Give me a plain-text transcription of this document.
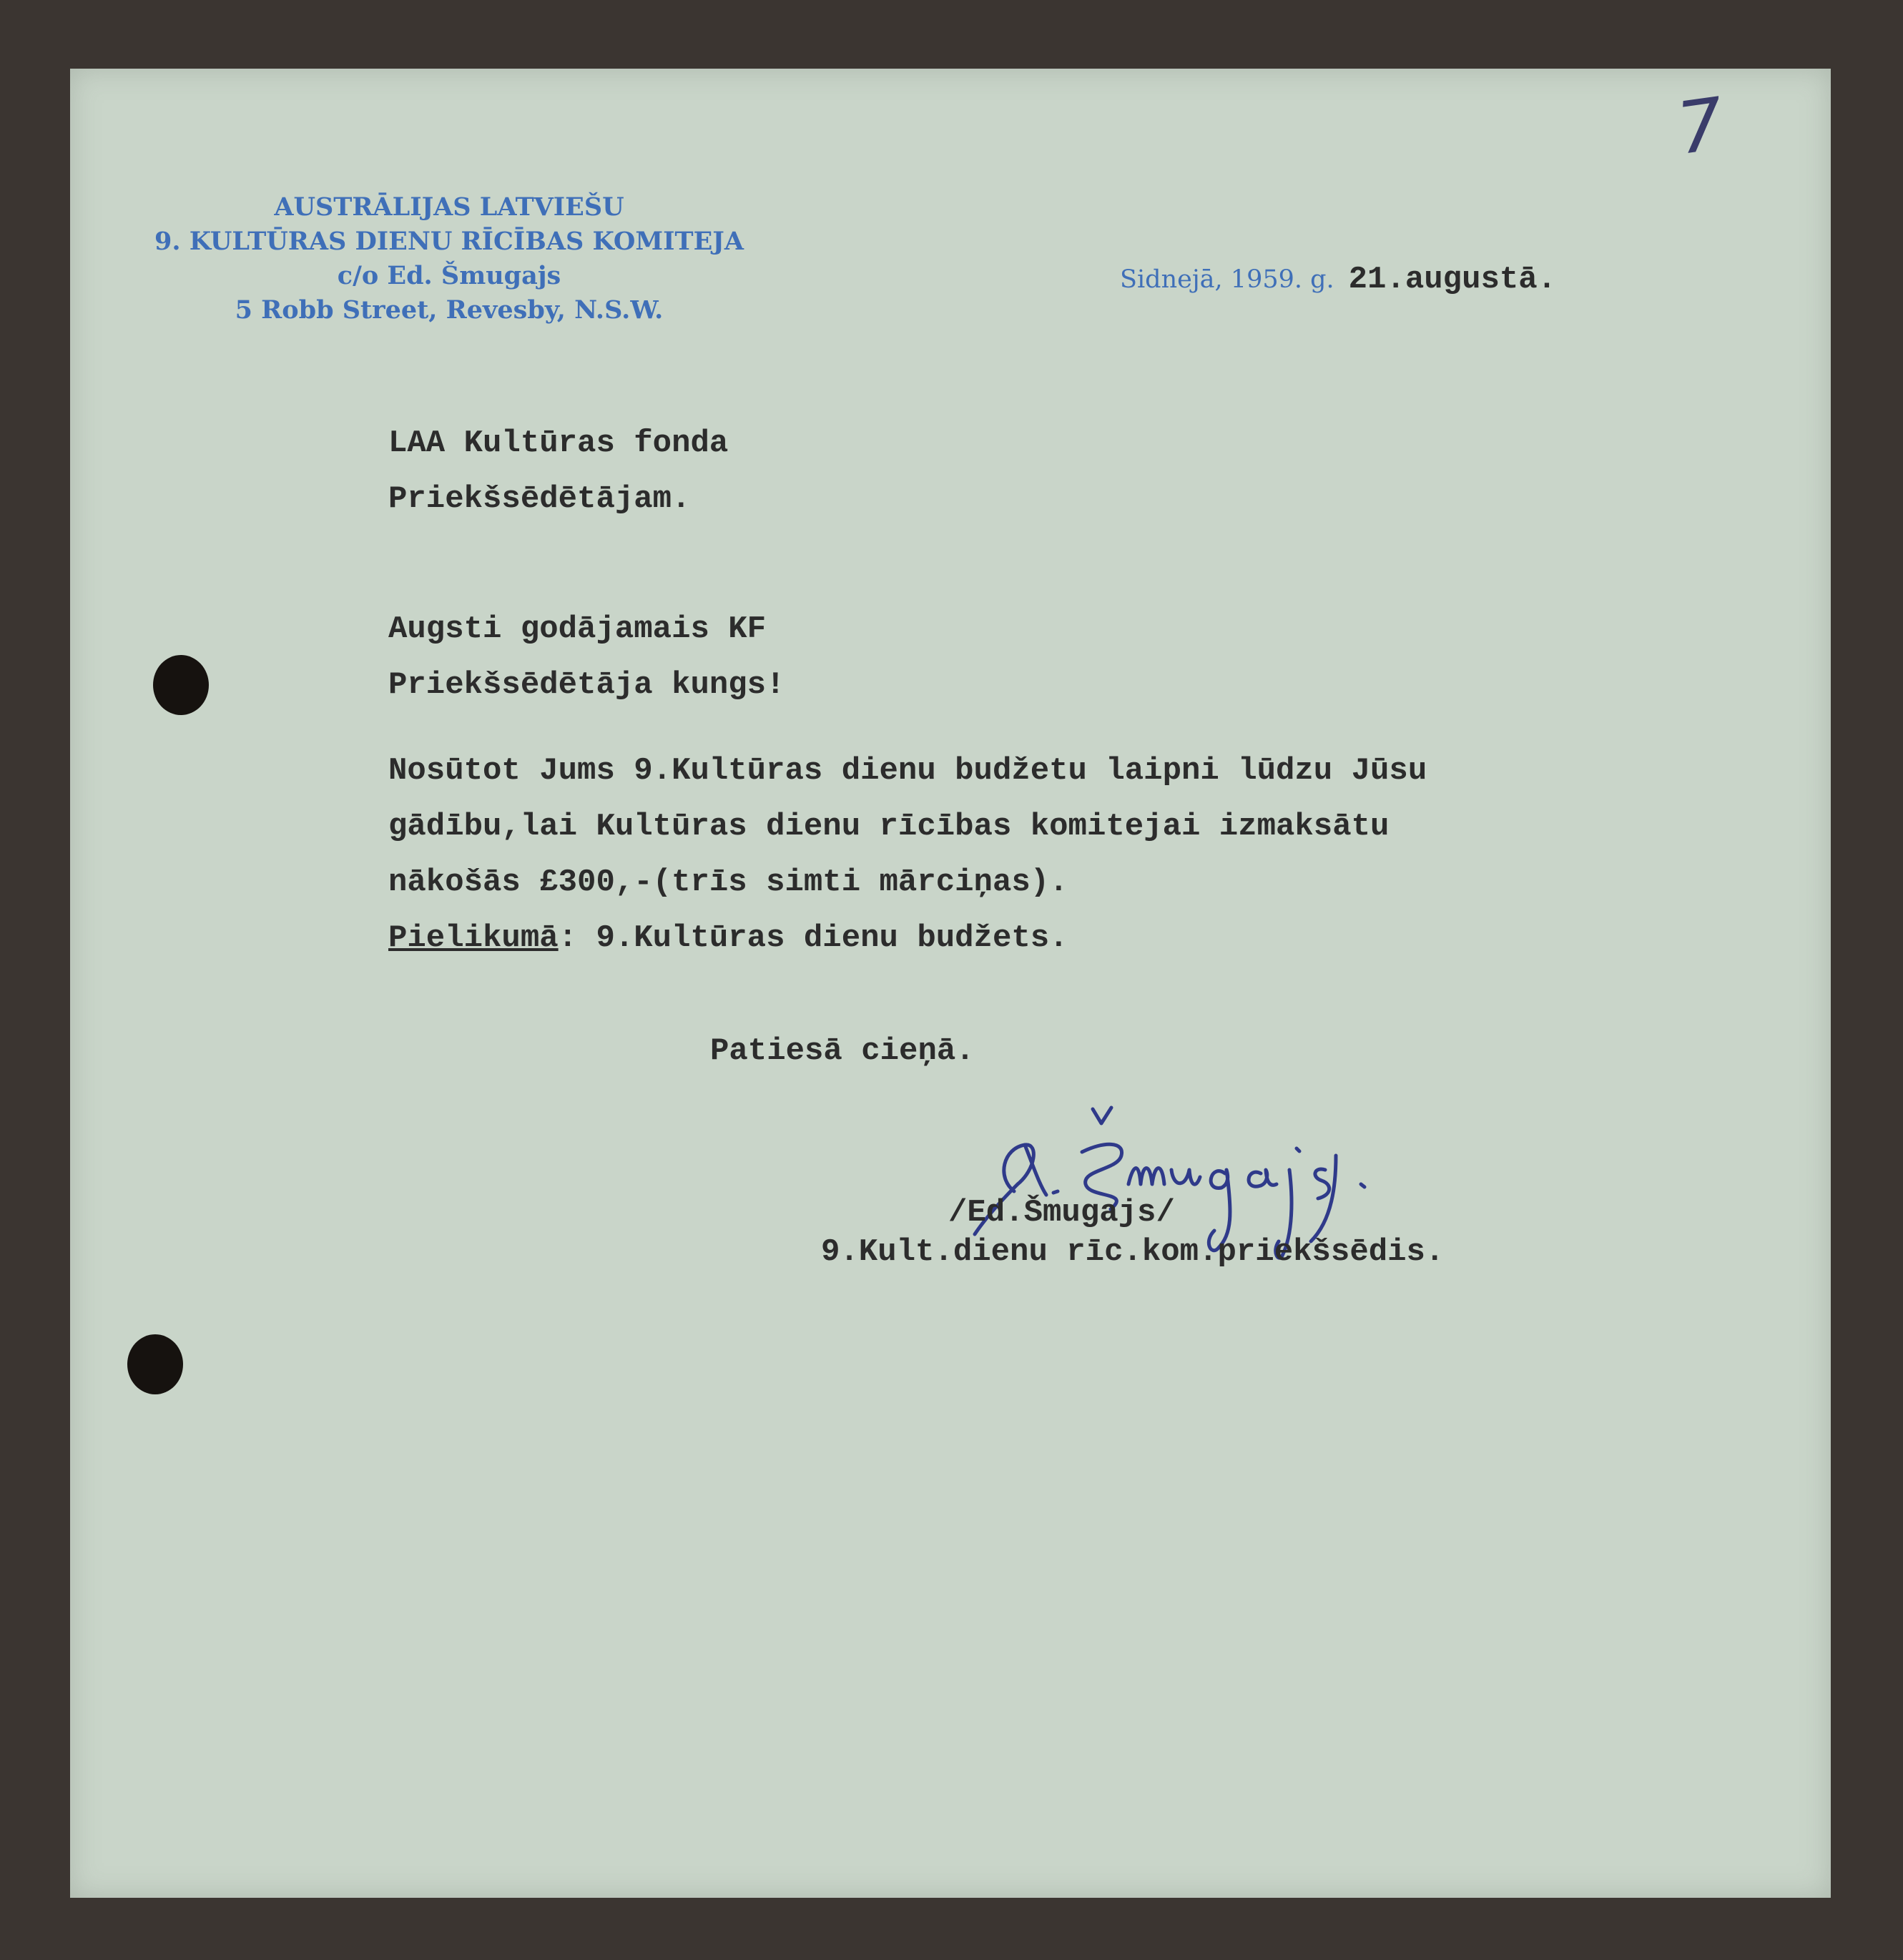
7
AUSTRĀLIJAS LATVIEŠU
9. KULTŪRAS DIENU RĪCĪBAS KOMITEJA
c/o Ed. Šmugajs
5 Robb Street, Revesby, N.S.W.
Sidnejā, 1959. g. 21.augustā.
LAA Kultūras fonda
Priekšsēdētājam.
Augsti godājamais KF
Priekšsēdētāja kungs!
Nosūtot Jums 9.Kultūras dienu budžetu laipni lūdzu Jūsu
gādību,lai Kultūras dienu rīcības komitejai izmaksātu
nākošās £300,-(trīs simti mārciņas).
Pielikumā: 9.Kultūras dienu budžets.
Patiesā cieņā.
/Ed.Šmugajs/
9.Kult.dienu rīc.kom.priekšsēdis.
